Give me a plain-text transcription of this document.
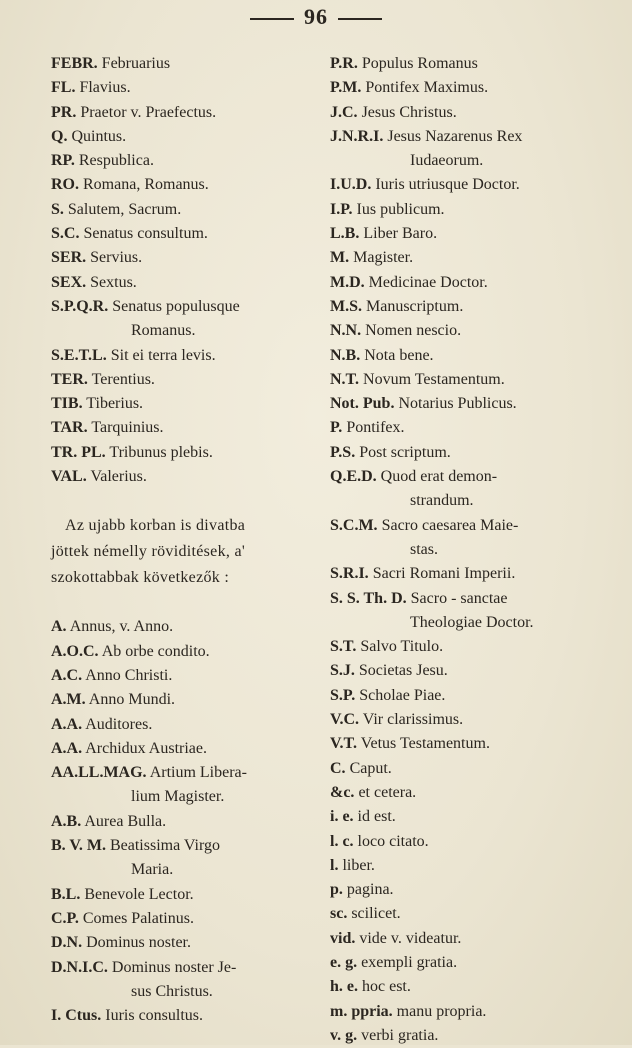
96
FEBR. Februarius
FL. Flavius.
PR. Praetor v. Praefectus.
Q. Quintus.
RP. Respublica.
RO. Romana, Romanus.
S. Salutem, Sacrum.
S.C. Senatus consultum.
SER. Servius.
SEX. Sextus.
S.P.Q.R. Senatus populusque
Romanus.
S.E.T.L. Sit ei terra levis.
TER. Terentius.
TIB. Tiberius.
TAR. Tarquinius.
TR. PL. Tribunus plebis.
VAL. Valerius.
Az ujabb korban is divatba
jöttek némelly röviditések, a'
szokottabbak következők :
A. Annus, v. Anno.
A.O.C. Ab orbe condito.
A.C. Anno Christi.
A.M. Anno Mundi.
A.A. Auditores.
A.A. Archidux Austriae.
AA.LL.MAG. Artium Libera-
lium Magister.
A.B. Aurea Bulla.
B. V. M. Beatissima Virgo
Maria.
B.L. Benevole Lector.
C.P. Comes Palatinus.
D.N. Dominus noster.
D.N.I.C. Dominus noster Je-
sus Christus.
I. Ctus. Iuris consultus.
P.R. Populus Romanus
P.M. Pontifex Maximus.
J.C. Jesus Christus.
J.N.R.I. Jesus Nazarenus Rex
Iudaeorum.
I.U.D. Iuris utriusque Doctor.
I.P. Ius publicum.
L.B. Liber Baro.
M. Magister.
M.D. Medicinae Doctor.
M.S. Manuscriptum.
N.N. Nomen nescio.
N.B. Nota bene.
N.T. Novum Testamentum.
Not. Pub. Notarius Publicus.
P. Pontifex.
P.S. Post scriptum.
Q.E.D. Quod erat demon-
strandum.
S.C.M. Sacro caesarea Maie-
stas.
S.R.I. Sacri Romani Imperii.
S. S. Th. D. Sacro - sanctae
Theologiae Doctor.
S.T. Salvo Titulo.
S.J. Societas Jesu.
S.P. Scholae Piae.
V.C. Vir clarissimus.
V.T. Vetus Testamentum.
C. Caput.
&c. et cetera.
i. e. id est.
l. c. loco citato.
l. liber.
p. pagina.
sc. scilicet.
vid. vide v. videatur.
e. g. exempli gratia.
h. e. hoc est.
m. ppria. manu propria.
v. g. verbi gratia.
